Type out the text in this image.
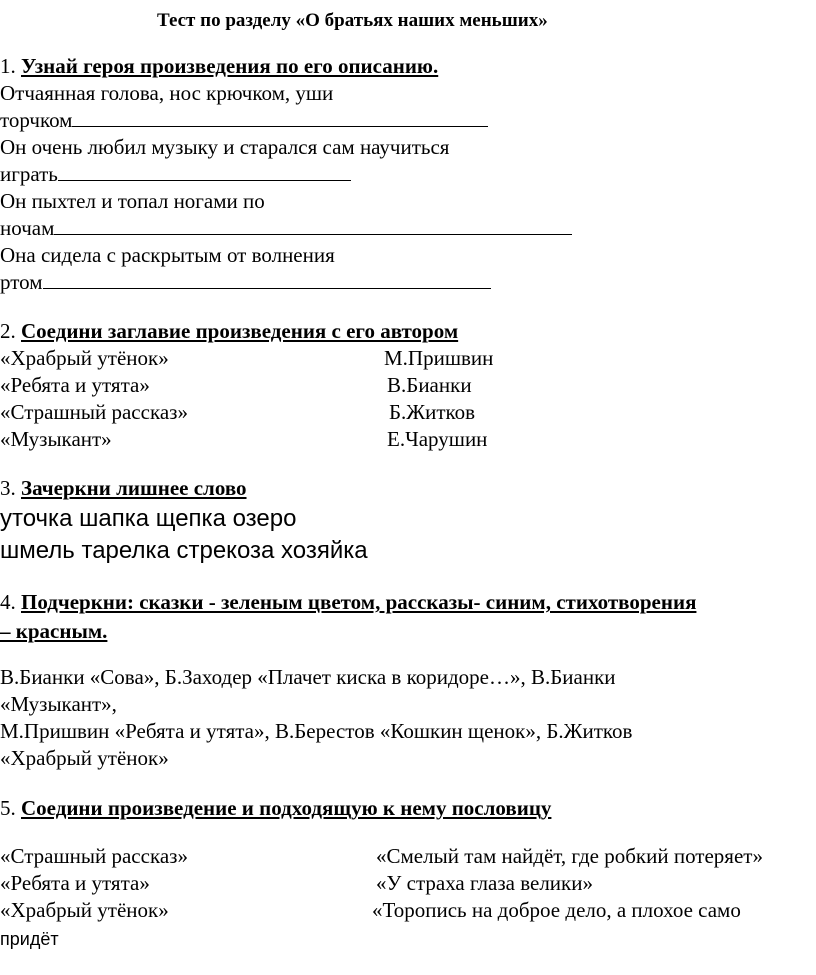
Тест по разделу «О братьях наших меньших»
1. Узнай героя произведения по его описанию.
Отчаянная голова, нос крючком, уши
торчком
Он очень любил музыку и старался сам научиться
играть
Он пыхтел и топал ногами по
ночам
Она сидела с раскрытым от волнения
ртом
2. Соедини заглавие произведения с его автором
«Храбрый утёнок»	М.Пришвин
«Ребята и утята»	В.Бианки
«Страшный рассказ»	Б.Житков
«Музыкант»	Е.Чарушин
3. Зачеркни лишнее слово
уточка шапка щепка озеро
шмель тарелка стрекоза хозяйка
4. Подчеркни: сказки - зеленым цветом, рассказы- синим, стихотворения
– красным.
В.Бианки «Сова», Б.Заходер «Плачет киска в коридоре…», В.Бианки
«Музыкант»,
М.Пришвин «Ребята и утята», В.Берестов «Кошкин щенок», Б.Житков
«Храбрый утёнок»
5. Соедини произведение и подходящую к нему пословицу
«Страшный рассказ»	«Смелый там найдёт, где робкий потеряет»
«Ребята и утята»	«У страха глаза велики»
«Храбрый утёнок»	«Торопись на доброе дело, а плохое само
придёт
